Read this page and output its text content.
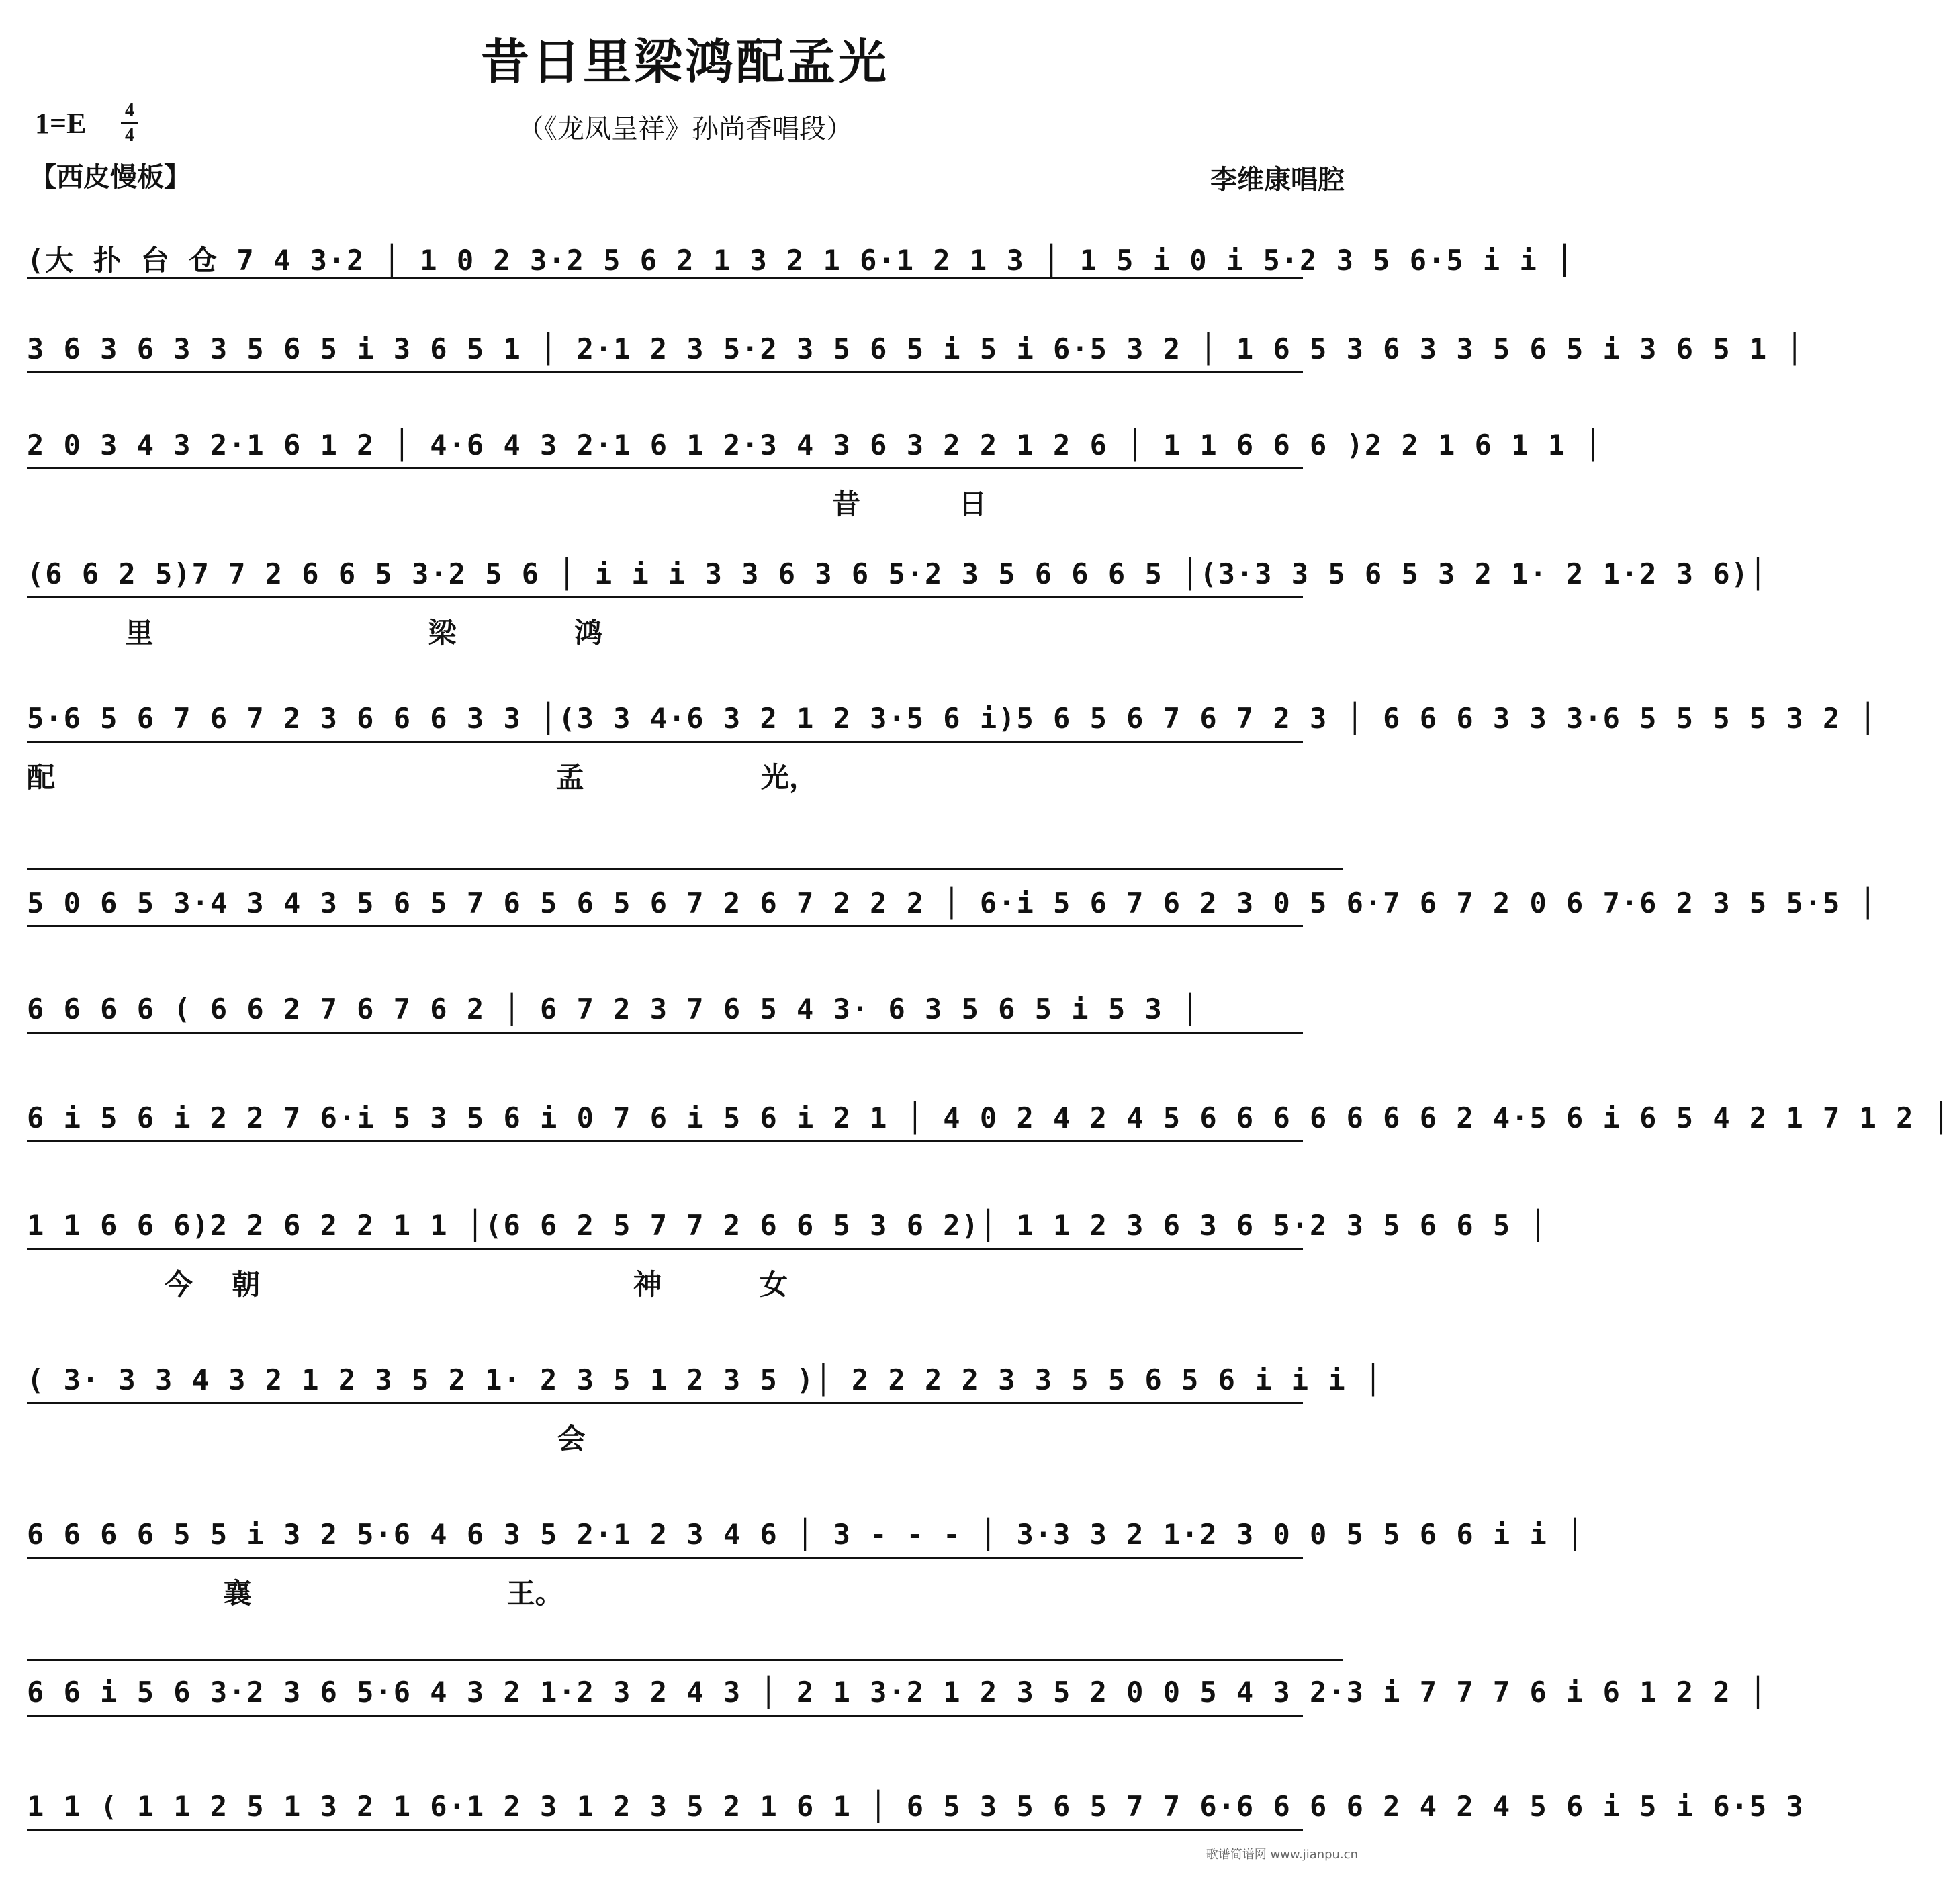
昔日里梁鸿配孟光
1=E 4
4	（《龙凤呈祥》孙尚香唱段）
【西皮慢板】	李维康唱腔
(大 扑 台 仓 7 4 3·2 │ 1 0 2 3·2 5 6 2 1 3 2 1 6·1 2 1 3 │ 1 5 i 0 i 5·2 3 5 6·5 i i │
3 6 3 6 3 3 5 6 5 i 3 6 5 1 │ 2·1 2 3 5·2 3 5 6 5 i 5 i 6·5 3 2 │ 1 6 5 3 6 3 3 5 6 5 i 3 6 5 1 │
2 0 3 4 3 2·1 6 1 2 │ 4·6 4 3 2·1 6 1 2·3 4 3 6 3 2 2 1 2 6 │ 1 1 6 6 6 )2 2 1 6 1 1 │
昔          日
(6 6 2 5)7 7 2 6 6 5 3·2 5 6 │ i i i 3 3 6 3 6 5·2 3 5 6 6 6 5 │(3·3 3 5 6 5 3 2 1· 2 1·2 3 6)│
里                            梁            鸿
5·6 5 6 7 6 7 2 3 6 6 6 3 3 │(3 3 4·6 3 2 1 2 3·5 6 i)5 6 5 6 7 6 7 2 3 │ 6 6 6 3 3 3·6 5 5 5 5 3 2 │
配                                                   孟                  光，
5 0 6 5 3·4 3 4 3 5 6 5 7 6 5 6 5 6 7 2 6 7 2 2 2 │ 6·i 5 6 7 6 2 3 0 5 6·7 6 7 2 0 6 7·6 2 3 5 5·5 │
6 6 6 6 ( 6 6 2 7 6 7 6 2 │ 6 7 2 3 7 6 5 4 3· 6 3 5 6 5 i 5 3 │
6 i 5 6 i 2 2 7 6·i 5 3 5 6 i 0 7 6 i 5 6 i 2 1 │ 4 0 2 4 2 4 5 6 6 6 6 6 6 6 2 4·5 6 i 6 5 4 2 1 7 1 2 │
1 1 6 6 6)2 2 6 2 2 1 1 │(6 6 2 5 7 7 2 6 6 5 3 6 2)│ 1 1 2 3 6 3 6 5·2 3 5 6 6 5 │
今    朝                                      神          女
( 3· 3 3 4 3 2 1 2 3 5 2 1· 2 3 5 1 2 3 5 )│ 2 2 2 2 3 3 5 5 6 5 6 i i i │
会
6 6 6 6 5 5 i 3 2 5·6 4 6 3 5 2·1 2 3 4 6 │ 3 - - - │ 3·3 3 2 1·2 3 0 0 5 5 6 6 i i │
襄                          王。
6 6 i 5 6 3·2 3 6 5·6 4 3 2 1·2 3 2 4 3 │ 2 1 3·2 1 2 3 5 2 0 0 5 4 3 2·3 i 7 7 7 6 i 6 1 2 2 │
1 1 ( 1 1 2 5 1 3 2 1 6·1 2 3 1 2 3 5 2 1 6 1 │ 6 5 3 5 6 5 7 7 6·6 6 6 6 2 4 2 4 5 6 i 5 i 6·5 3
歌谱简谱网 www.jianpu.cn
